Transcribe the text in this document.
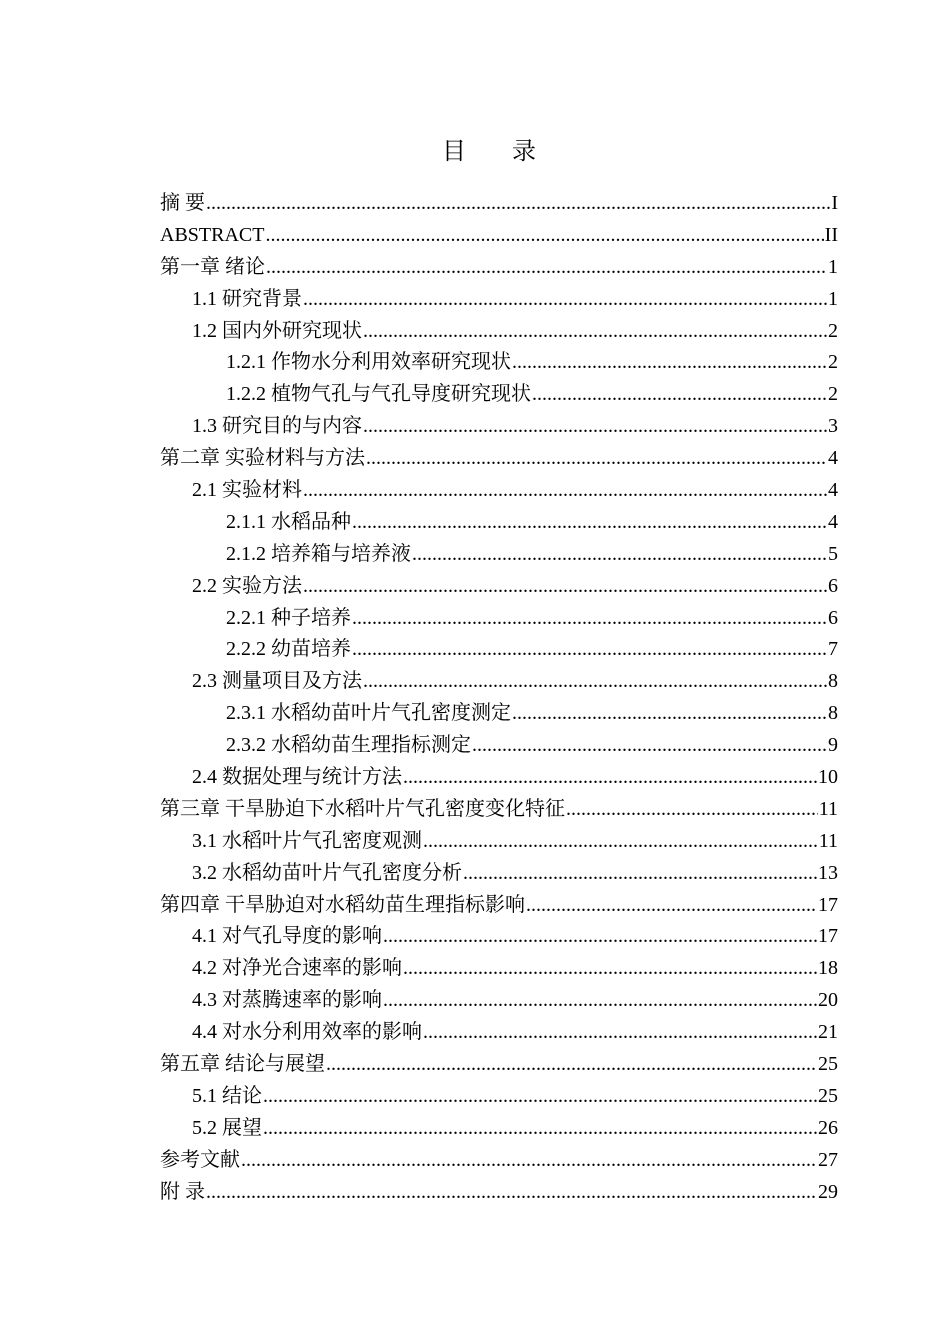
目 录
摘 要 .....	I
ABSTRACT .....	II
第一章 绪论 .....	1
1.1 研究背景 .....	1
1.2 国内外研究现状 .....	2
1.2.1 作物水分利用效率研究现状 .....	2
1.2.2 植物气孔与气孔导度研究现状 .....	2
1.3 研究目的与内容 .....	3
第二章 实验材料与方法 .....	4
2.1 实验材料 .....	4
2.1.1 水稻品种 .....	4
2.1.2 培养箱与培养液 .....	5
2.2 实验方法 .....	6
2.2.1 种子培养 .....	6
2.2.2 幼苗培养 .....	7
2.3 测量项目及方法 .....	8
2.3.1 水稻幼苗叶片气孔密度测定 .....	8
2.3.2 水稻幼苗生理指标测定 .....	9
2.4 数据处理与统计方法 .....	10
第三章 干旱胁迫下水稻叶片气孔密度变化特征 .....	11
3.1 水稻叶片气孔密度观测 .....	11
3.2 水稻幼苗叶片气孔密度分析 .....	13
第四章 干旱胁迫对水稻幼苗生理指标影响 .....	17
4.1 对气孔导度的影响 .....	17
4.2 对净光合速率的影响 .....	18
4.3 对蒸腾速率的影响 .....	20
4.4 对水分利用效率的影响 .....	21
第五章 结论与展望 .....	25
5.1 结论 .....	25
5.2 展望 .....	26
参考文献 .....	27
附 录 .....	29
